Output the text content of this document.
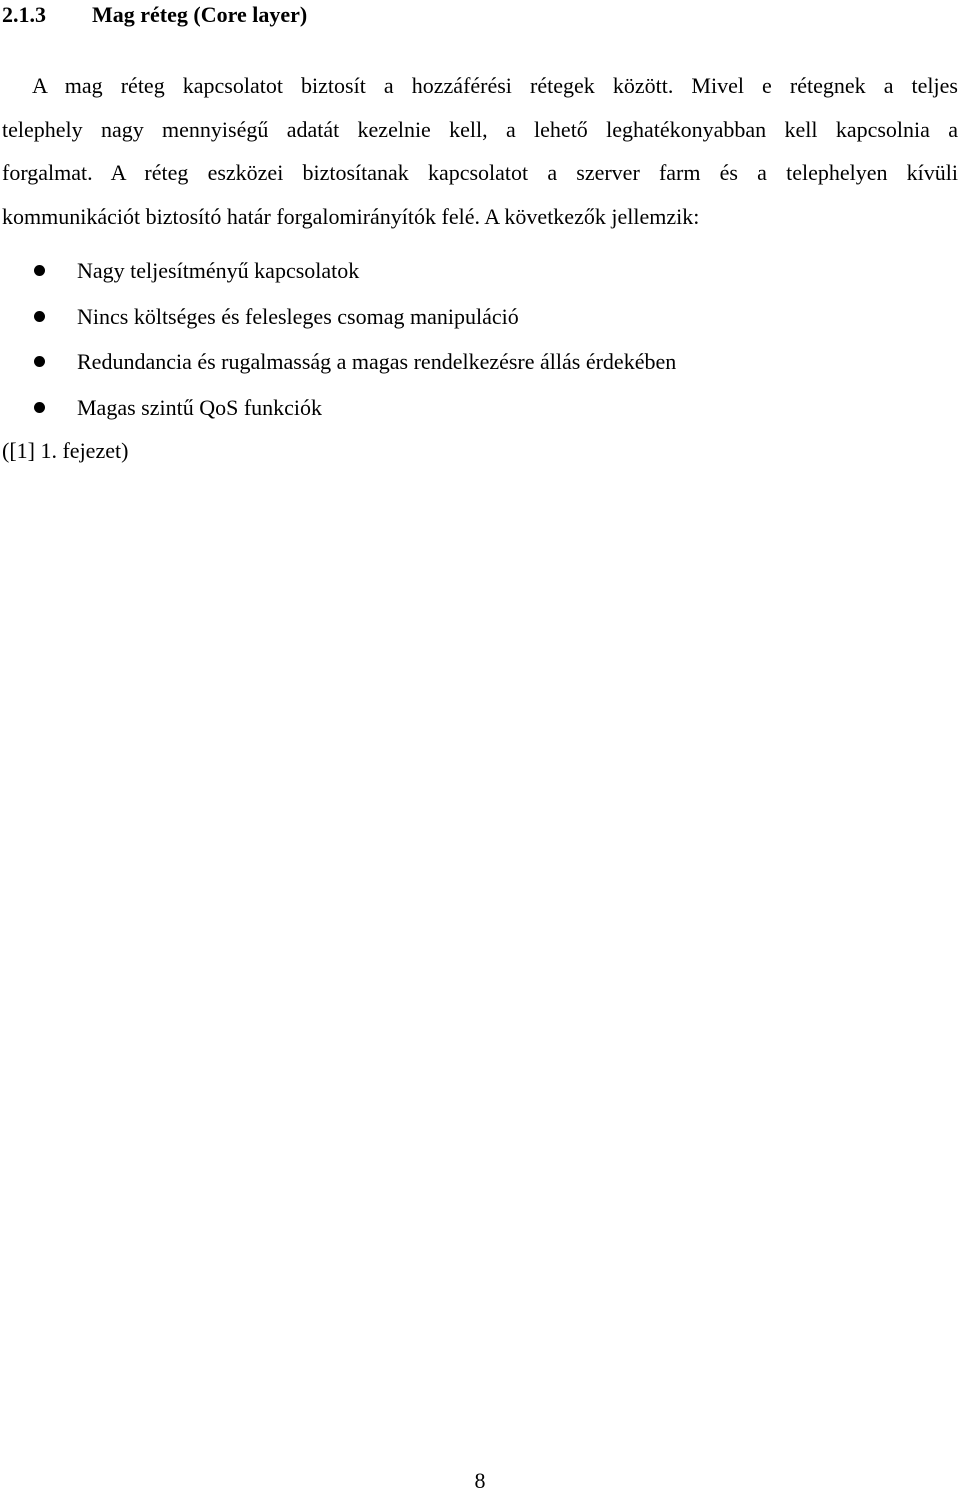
2.1.3 Mag réteg (Core layer)
A mag réteg kapcsolatot biztosít a hozzáférési rétegek között. Mivel e rétegnek a teljes
telephely nagy mennyiségű adatát kezelnie kell, a lehető leghatékonyabban kell kapcsolnia a
forgalmat. A réteg eszközei biztosítanak kapcsolatot a szerver farm és a telephelyen kívüli
kommunikációt biztosító határ forgalomirányítók felé. A következők jellemzik:
Nagy teljesítményű kapcsolatok
Nincs költséges és felesleges csomag manipuláció
Redundancia és rugalmasság a magas rendelkezésre állás érdekében
Magas szintű QoS funkciók
([1] 1. fejezet)
8
